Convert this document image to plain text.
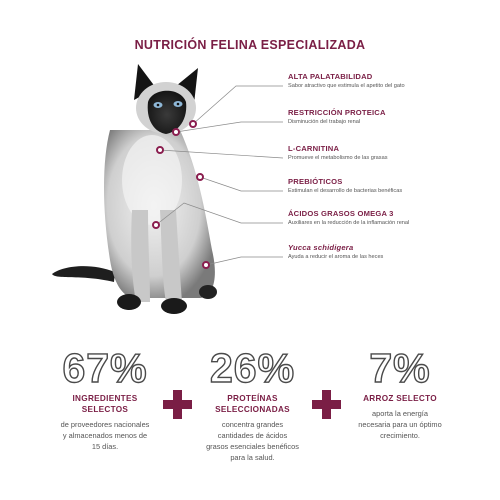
NUTRICIÓN FELINA ESPECIALIZADA
ALTA PALATABILIDAD
Sabor atractivo que estimula el apetito del gato
RESTRICCIÓN PROTEICA
Disminución del trabajo renal
L-CARNITINA
Promueve el metabolismo de las grasas
PREBIÓTICOS
Estimulan el desarrollo de bacterias benéficas
ÁCIDOS GRASOS OMEGA 3
Auxiliares en la reducción de la inflamación renal
Yucca schidigera
Ayuda a reducir el aroma de las heces
67%
INGREDIENTES
SELECTOS
de proveedores nacionales
y almacenados menos de
15 días.
26%
PROTEÍNAS
SELECCIONADAS
concentra grandes
cantidades de ácidos
grasos esenciales benéficos
para la salud.
7%
ARROZ SELECTO
aporta la energía
necesaria para un óptimo
crecimiento.
